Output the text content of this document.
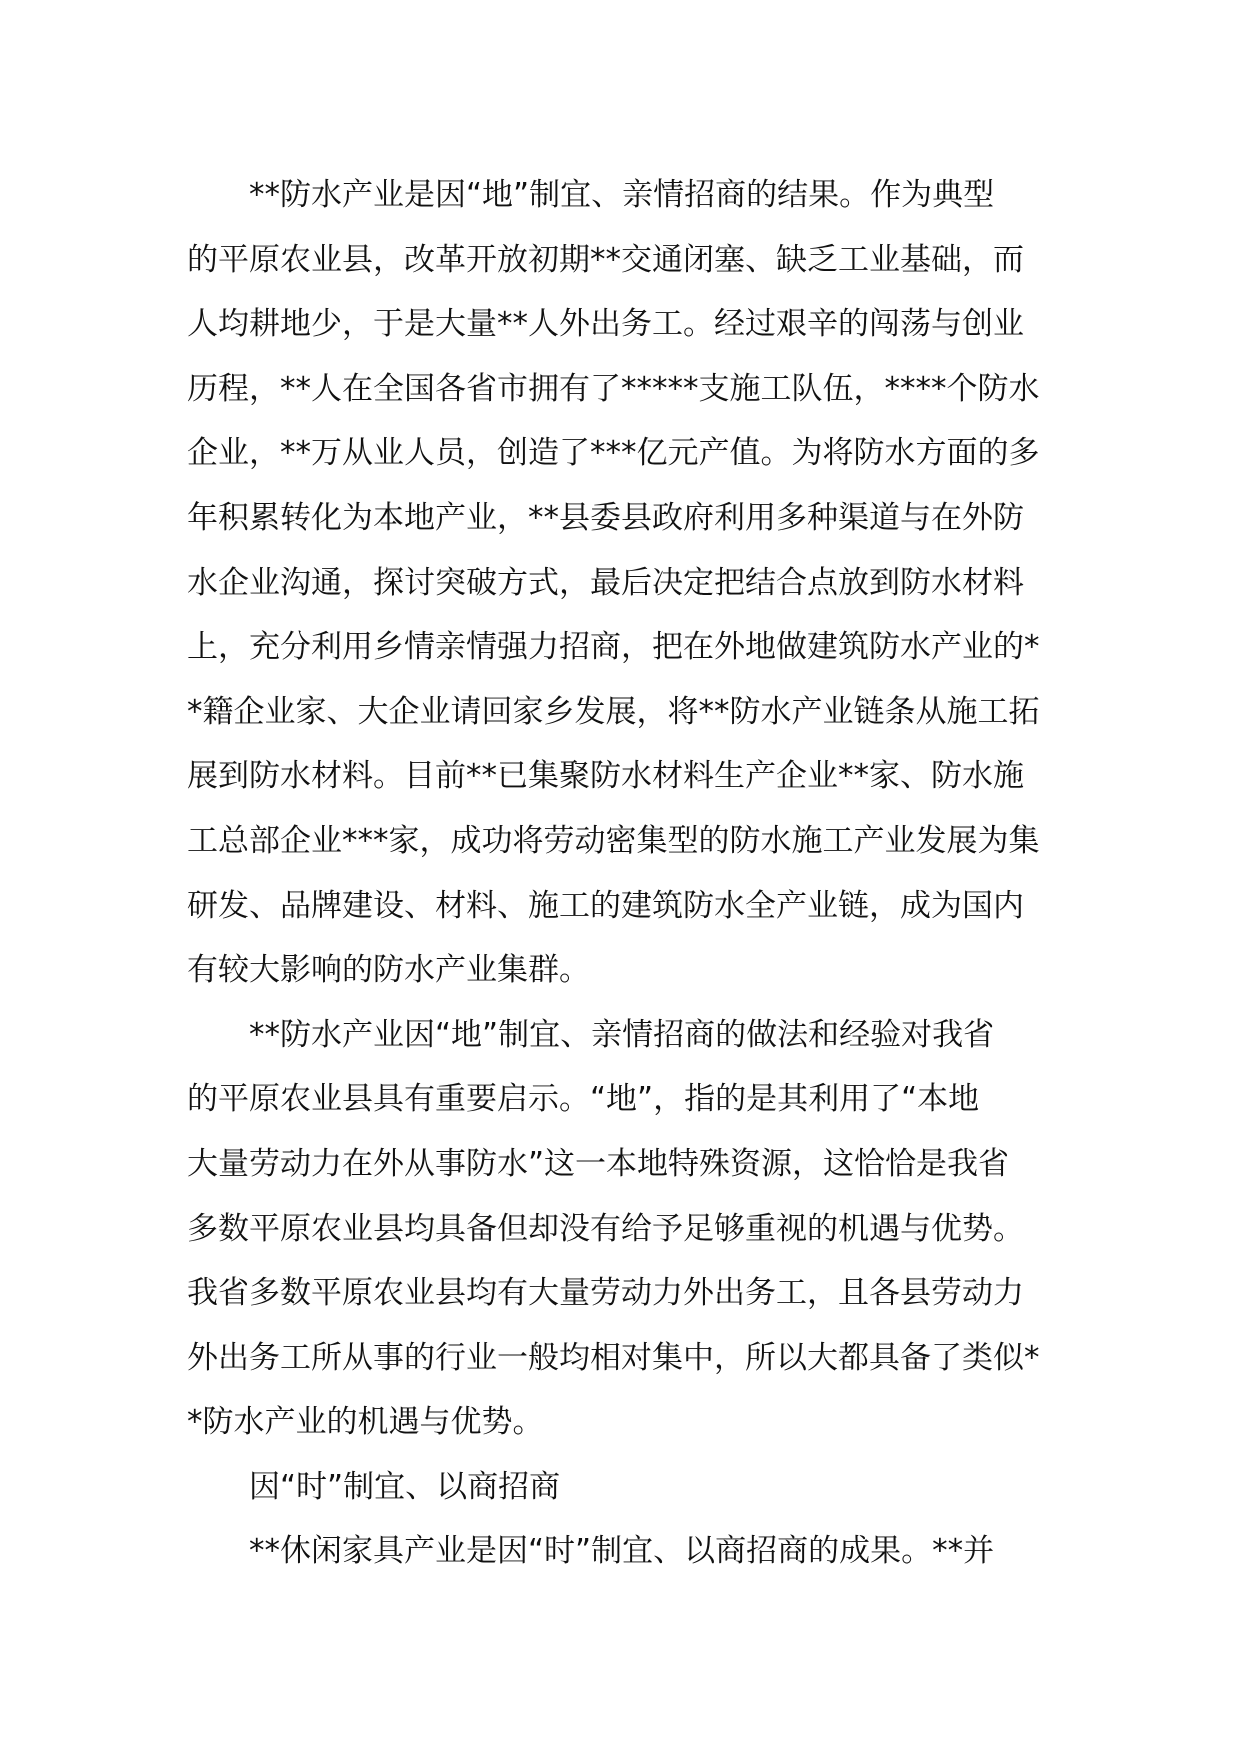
**防水产业是因“地”制宜、亲情招商的结果。作为典型
的平原农业县，改革开放初期**交通闭塞、缺乏工业基础，而
人均耕地少，于是大量**人外出务工。经过艰辛的闯荡与创业
历程，**人在全国各省市拥有了*****支施工队伍，****个防水
企业，**万从业人员，创造了***亿元产值。为将防水方面的多
年积累转化为本地产业，**县委县政府利用多种渠道与在外防
水企业沟通，探讨突破方式，最后决定把结合点放到防水材料
上，充分利用乡情亲情强力招商，把在外地做建筑防水产业的*
*籍企业家、大企业请回家乡发展，将**防水产业链条从施工拓
展到防水材料。目前**已集聚防水材料生产企业**家、防水施
工总部企业***家，成功将劳动密集型的防水施工产业发展为集
研发、品牌建设、材料、施工的建筑防水全产业链，成为国内
有较大影响的防水产业集群。

**防水产业因“地”制宜、亲情招商的做法和经验对我省
的平原农业县具有重要启示。“地”，指的是其利用了“本地
大量劳动力在外从事防水”这一本地特殊资源，这恰恰是我省
多数平原农业县均具备但却没有给予足够重视的机遇与优势。
我省多数平原农业县均有大量劳动力外出务工，且各县劳动力
外出务工所从事的行业一般均相对集中，所以大都具备了类似*
*防水产业的机遇与优势。

因“时”制宜、以商招商

**休闲家具产业是因“时”制宜、以商招商的成果。**并
